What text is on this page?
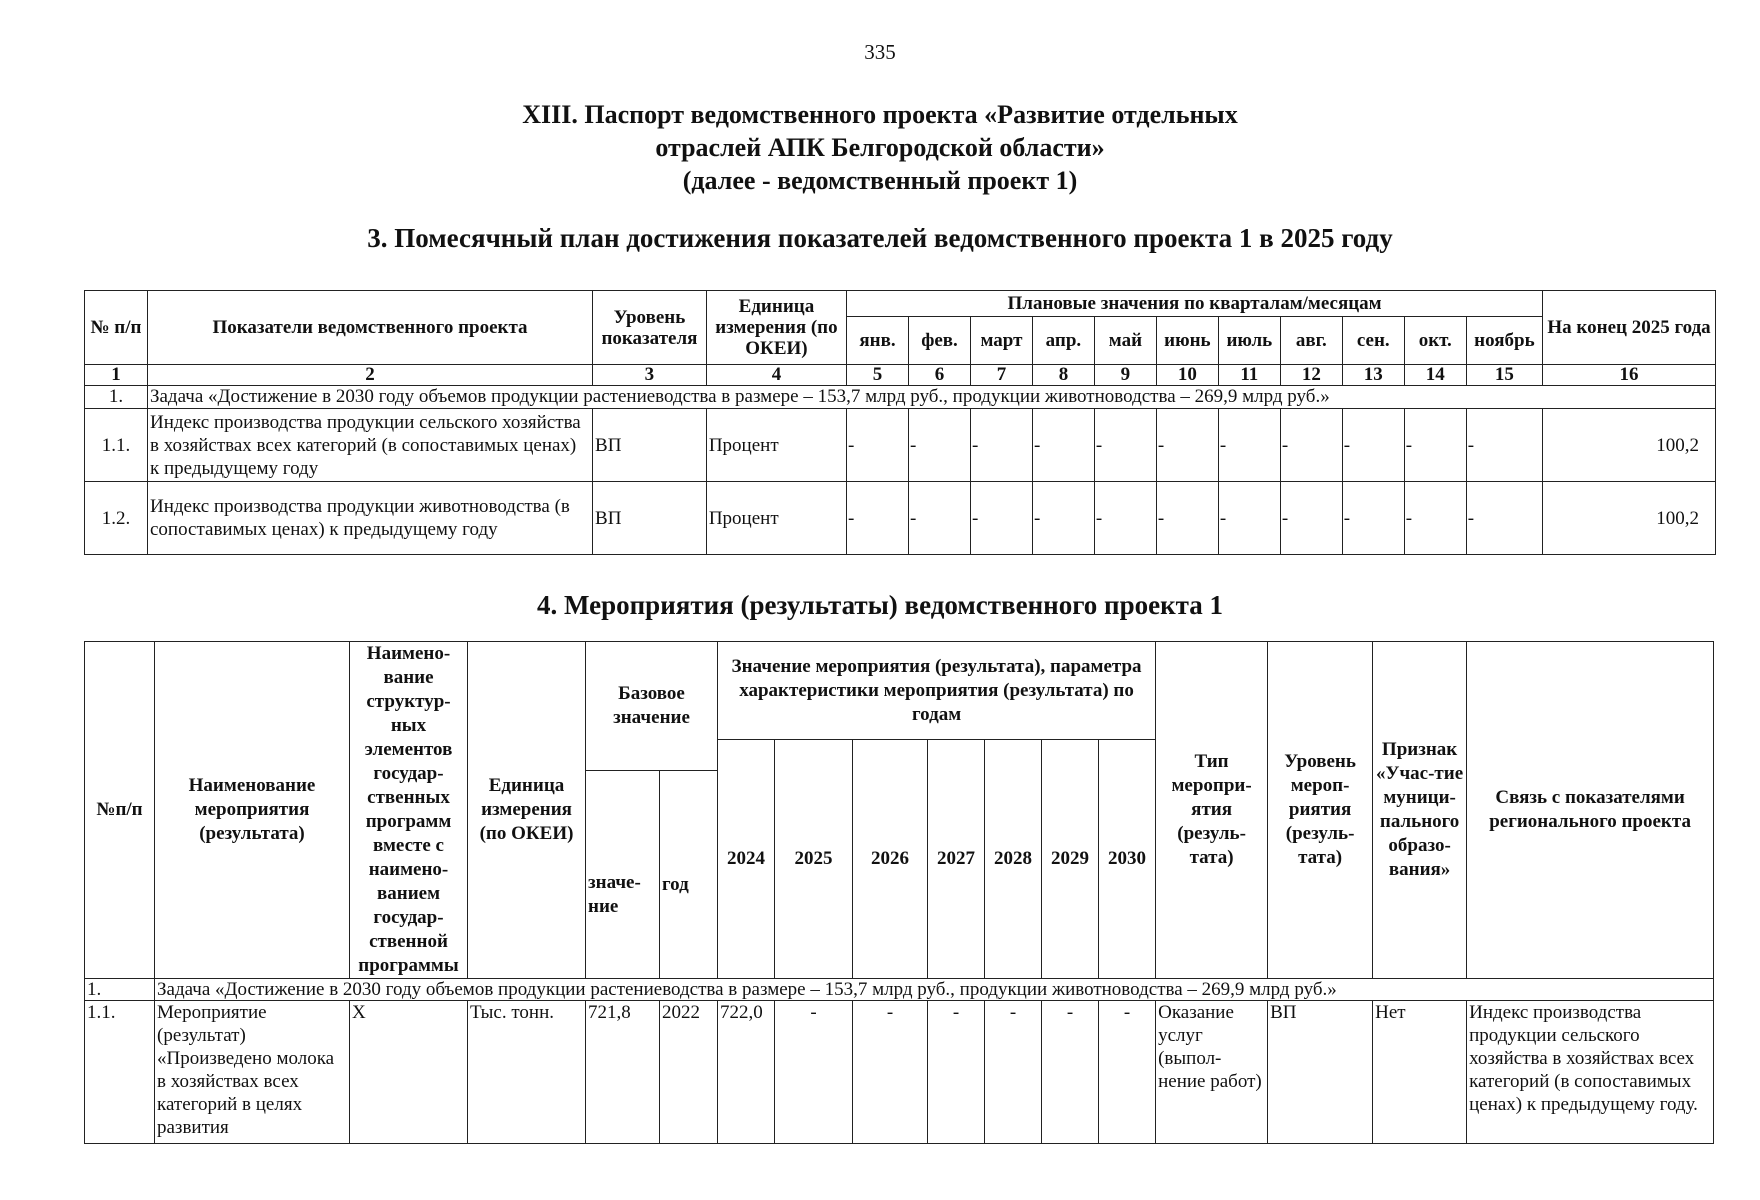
335
XIII. Паспорт ведомственного проекта «Развитие отдельных
отраслей АПК Белгородской области»
(далее - ведомственный проект 1)
3. Помесячный план достижения показателей ведомственного проекта 1 в 2025 году
№ п/п	Показатели ведомственного проекта	Уровень показателя	Единица измерения (по ОКЕИ)	Плановые значения по кварталам/месяцам											На конец 2025 года
				янв.	фев.	март	апр.	май	июнь	июль	авг.	сен.	окт.	ноябрь	
1	2	3	4	5	6	7	8	9	10	11	12	13	14	15	16
1.	Задача «Достижение в 2030 году объемов продукции растениеводства в размере – 153,7 млрд руб., продукции животноводства – 269,9 млрд руб.»														
1.1.	Индекс производства продукции сельского хозяйства в хозяйствах всех категорий (в сопоставимых ценах) к предыдущему году	ВП	Процент	-	-	-	-	-	-	-	-	-	-	-	100,2
1.2.	Индекс производства продукции животноводства (в сопоставимых ценах) к предыдущему году	ВП	Процент	-	-	-	-	-	-	-	-	-	-	-	100,2
4. Мероприятия (результаты) ведомственного проекта 1
№п/п	Наименование мероприятия (результата)	Наимено-вание структур-ных элементов государ-ственных программ вместе с наимено-ванием государ-ственной программы	Единица измерения (по ОКЕИ)	Базовое значение		Значение мероприятия (результата), параметра характеристики мероприятия (результата) по годам							Тип меропри-ятия (резуль-тата)	Уровень мероп-риятия (резуль-тата)	Признак «Учас-тие муници-пального образо-вания»	Связь с показателями регионального проекта
						2024	2025	2026	2027	2028	2029	2030				
				значе-ние	год											
1.	Задача «Достижение в 2030 году объемов продукции растениеводства в размере – 153,7 млрд руб., продукции животноводства – 269,9 млрд руб.»															
1.1.	Мероприятие (результат) «Произведено молока в хозяйствах всех категорий в целях развития	Х	Тыс. тонн.	721,8	2022	722,0	-	-	-	-	-	-	Оказание услуг (выпол-нение работ)	ВП	Нет	Индекс производства продукции сельского хозяйства в хозяйствах всех категорий (в сопоставимых ценах) к предыдущему году.
